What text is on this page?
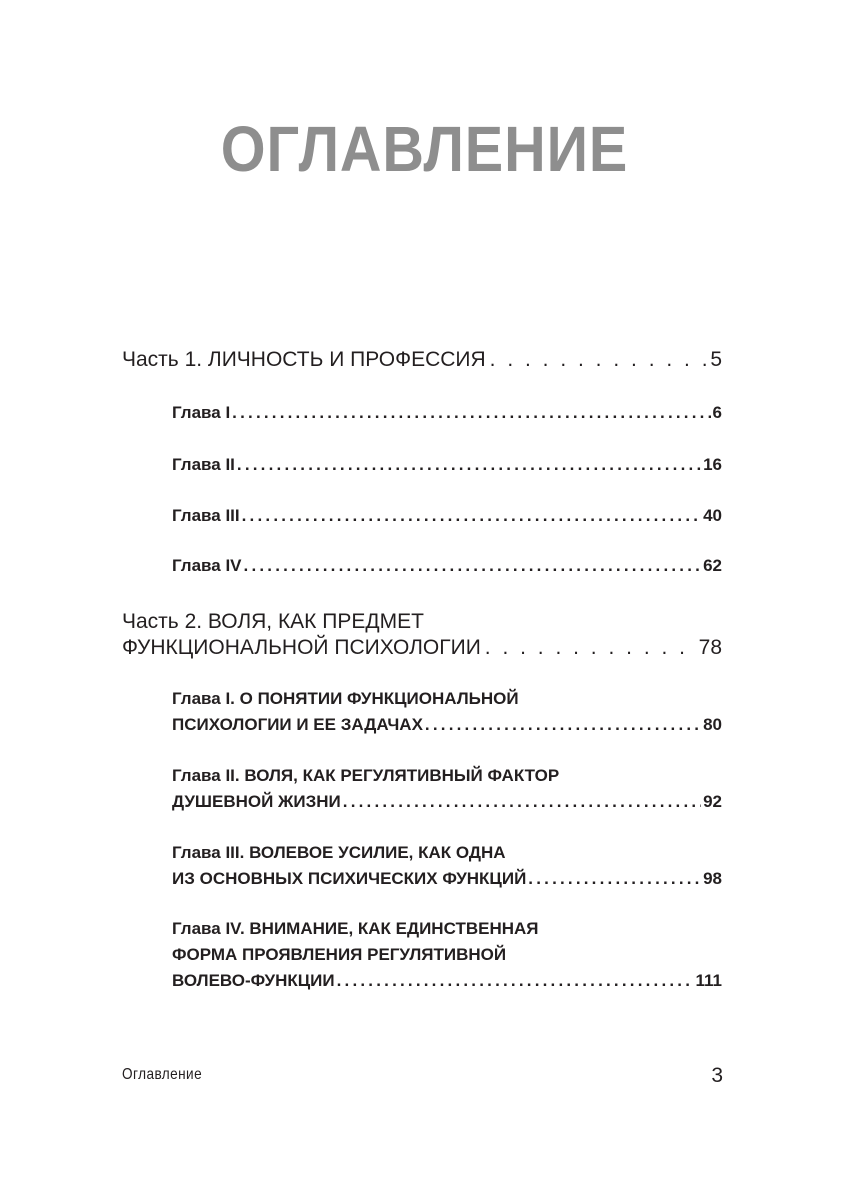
ОГЛАВЛЕНИЕ
Часть 1. ЛИЧНОСТЬ И ПРОФЕССИЯ . . .	5
Глава I .....	6
Глава II .....	16
Глава III .....	40
Глава IV .....	62
Часть 2. ВОЛЯ, КАК ПРЕДМЕТ
ФУНКЦИОНАЛЬНОЙ ПСИХОЛОГИИ . . .	78
Глава I. О ПОНЯТИИ ФУНКЦИОНАЛЬНОЙ
ПСИХОЛОГИИ И ЕЕ ЗАДАЧАХ .....	80
Глава II. ВОЛЯ, КАК РЕГУЛЯТИВНЫЙ ФАКТОР
ДУШЕВНОЙ ЖИЗНИ .....	92
Глава III. ВОЛЕВОЕ УСИЛИЕ, КАК ОДНА
ИЗ ОСНОВНЫХ ПСИХИЧЕСКИХ ФУНКЦИЙ .....	98
Глава IV. ВНИМАНИЕ, КАК ЕДИНСТВЕННАЯ
ФОРМА ПРОЯВЛЕНИЯ РЕГУЛЯТИВНОЙ
ВОЛЕВО-ФУНКЦИИ .....	111
Оглавление	3
